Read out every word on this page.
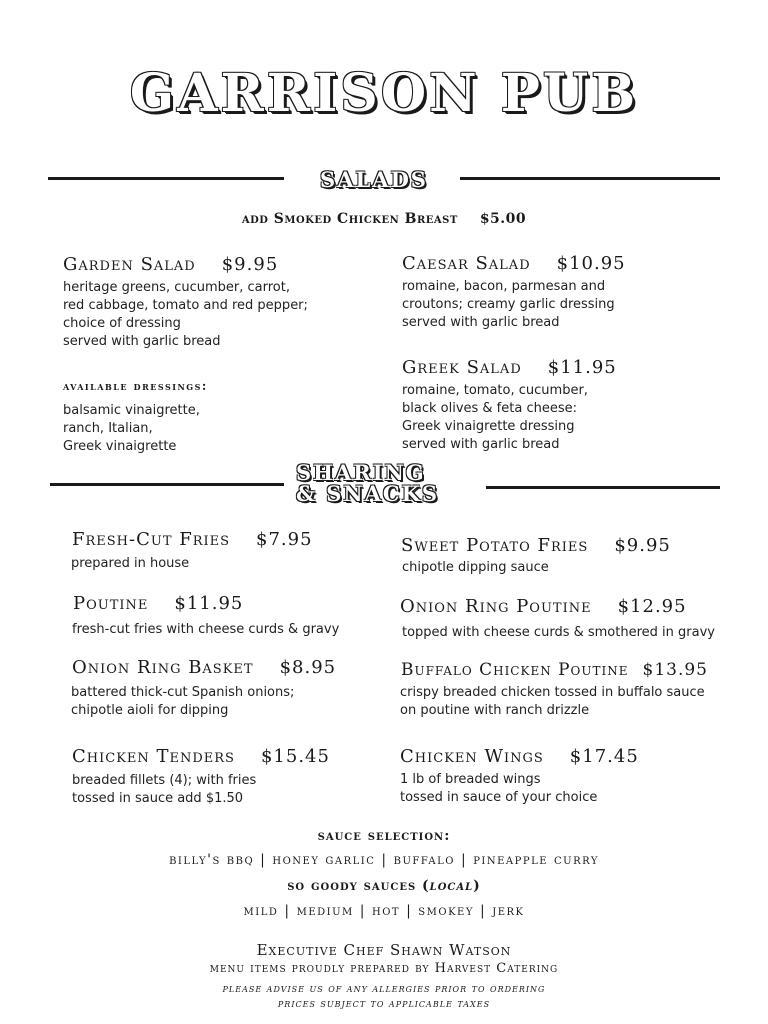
GARRISON PUB
SALADS
add Smoked Chicken Breast $5.00
Garden Salad $9.95
heritage greens, cucumber, carrot,
red cabbage, tomato and red pepper;
choice of dressing
served with garlic bread
Caesar Salad $10.95
romaine, bacon, parmesan and
croutons; creamy garlic dressing
served with garlic bread
available dressings:
balsamic vinaigrette,
ranch, Italian,
Greek vinaigrette
Greek Salad $11.95
romaine, tomato, cucumber,
black olives & feta cheese:
Greek vinaigrette dressing
served with garlic bread
SHARING
& SNACKS
Fresh-Cut Fries $7.95
prepared in house
Sweet Potato Fries $9.95
chipotle dipping sauce
Poutine $11.95
fresh-cut fries with cheese curds & gravy
Onion Ring Poutine $12.95
topped with cheese curds & smothered in gravy
Onion Ring Basket $8.95
battered thick-cut Spanish onions;
chipotle aioli for dipping
Buffalo Chicken Poutine $13.95
crispy breaded chicken tossed in buffalo sauce
on poutine with ranch drizzle
Chicken Tenders $15.45
breaded fillets (4); with fries
tossed in sauce add $1.50
Chicken Wings $17.45
1 lb of breaded wings
tossed in sauce of your choice
sauce selection:
billy's bbq | honey garlic | buffalo | pineapple curry
so goody sauces (local)
mild | medium | hot | smokey | jerk
Executive Chef Shawn Watson
menu items proudly prepared by Harvest Catering
please advise us of any allergies prior to ordering
prices subject to applicable taxes
